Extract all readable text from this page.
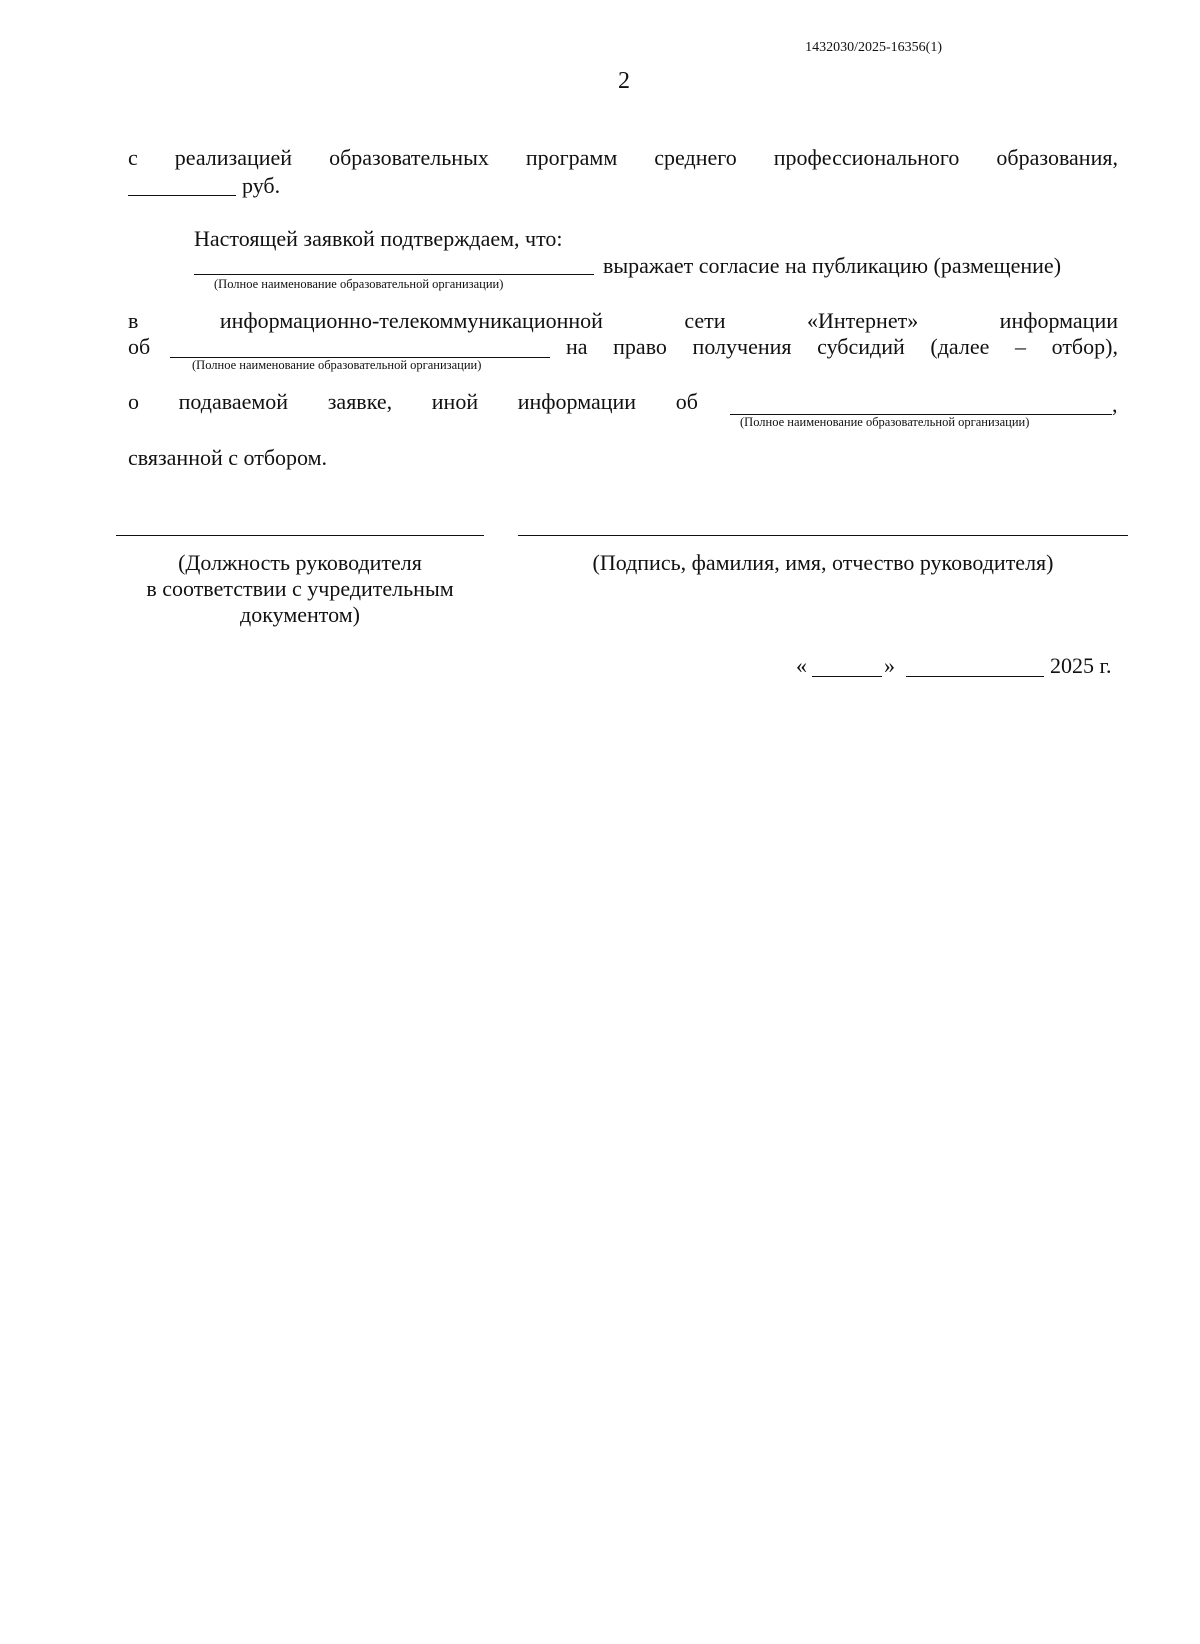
1432030/2025-16356(1)
2
с реализацией образовательных программ среднего профессионального образования,
руб.
Настоящей заявкой подтверждаем, что:
выражает согласие на публикацию (размещение)
(Полное наименование образовательной организации)
в	информационно-телекоммуникационной	сети	«Интернет»	информации
об	на право получения субсидий (далее – отбор),
(Полное наименование образовательной организации)
о подаваемой заявке, иной информации об	,
(Полное наименование образовательной организации)
связанной с отбором.
(Должность руководителя
в соответствии с учредительным
документом)
(Подпись, фамилия, имя, отчество руководителя)
«	»	2025 г.
